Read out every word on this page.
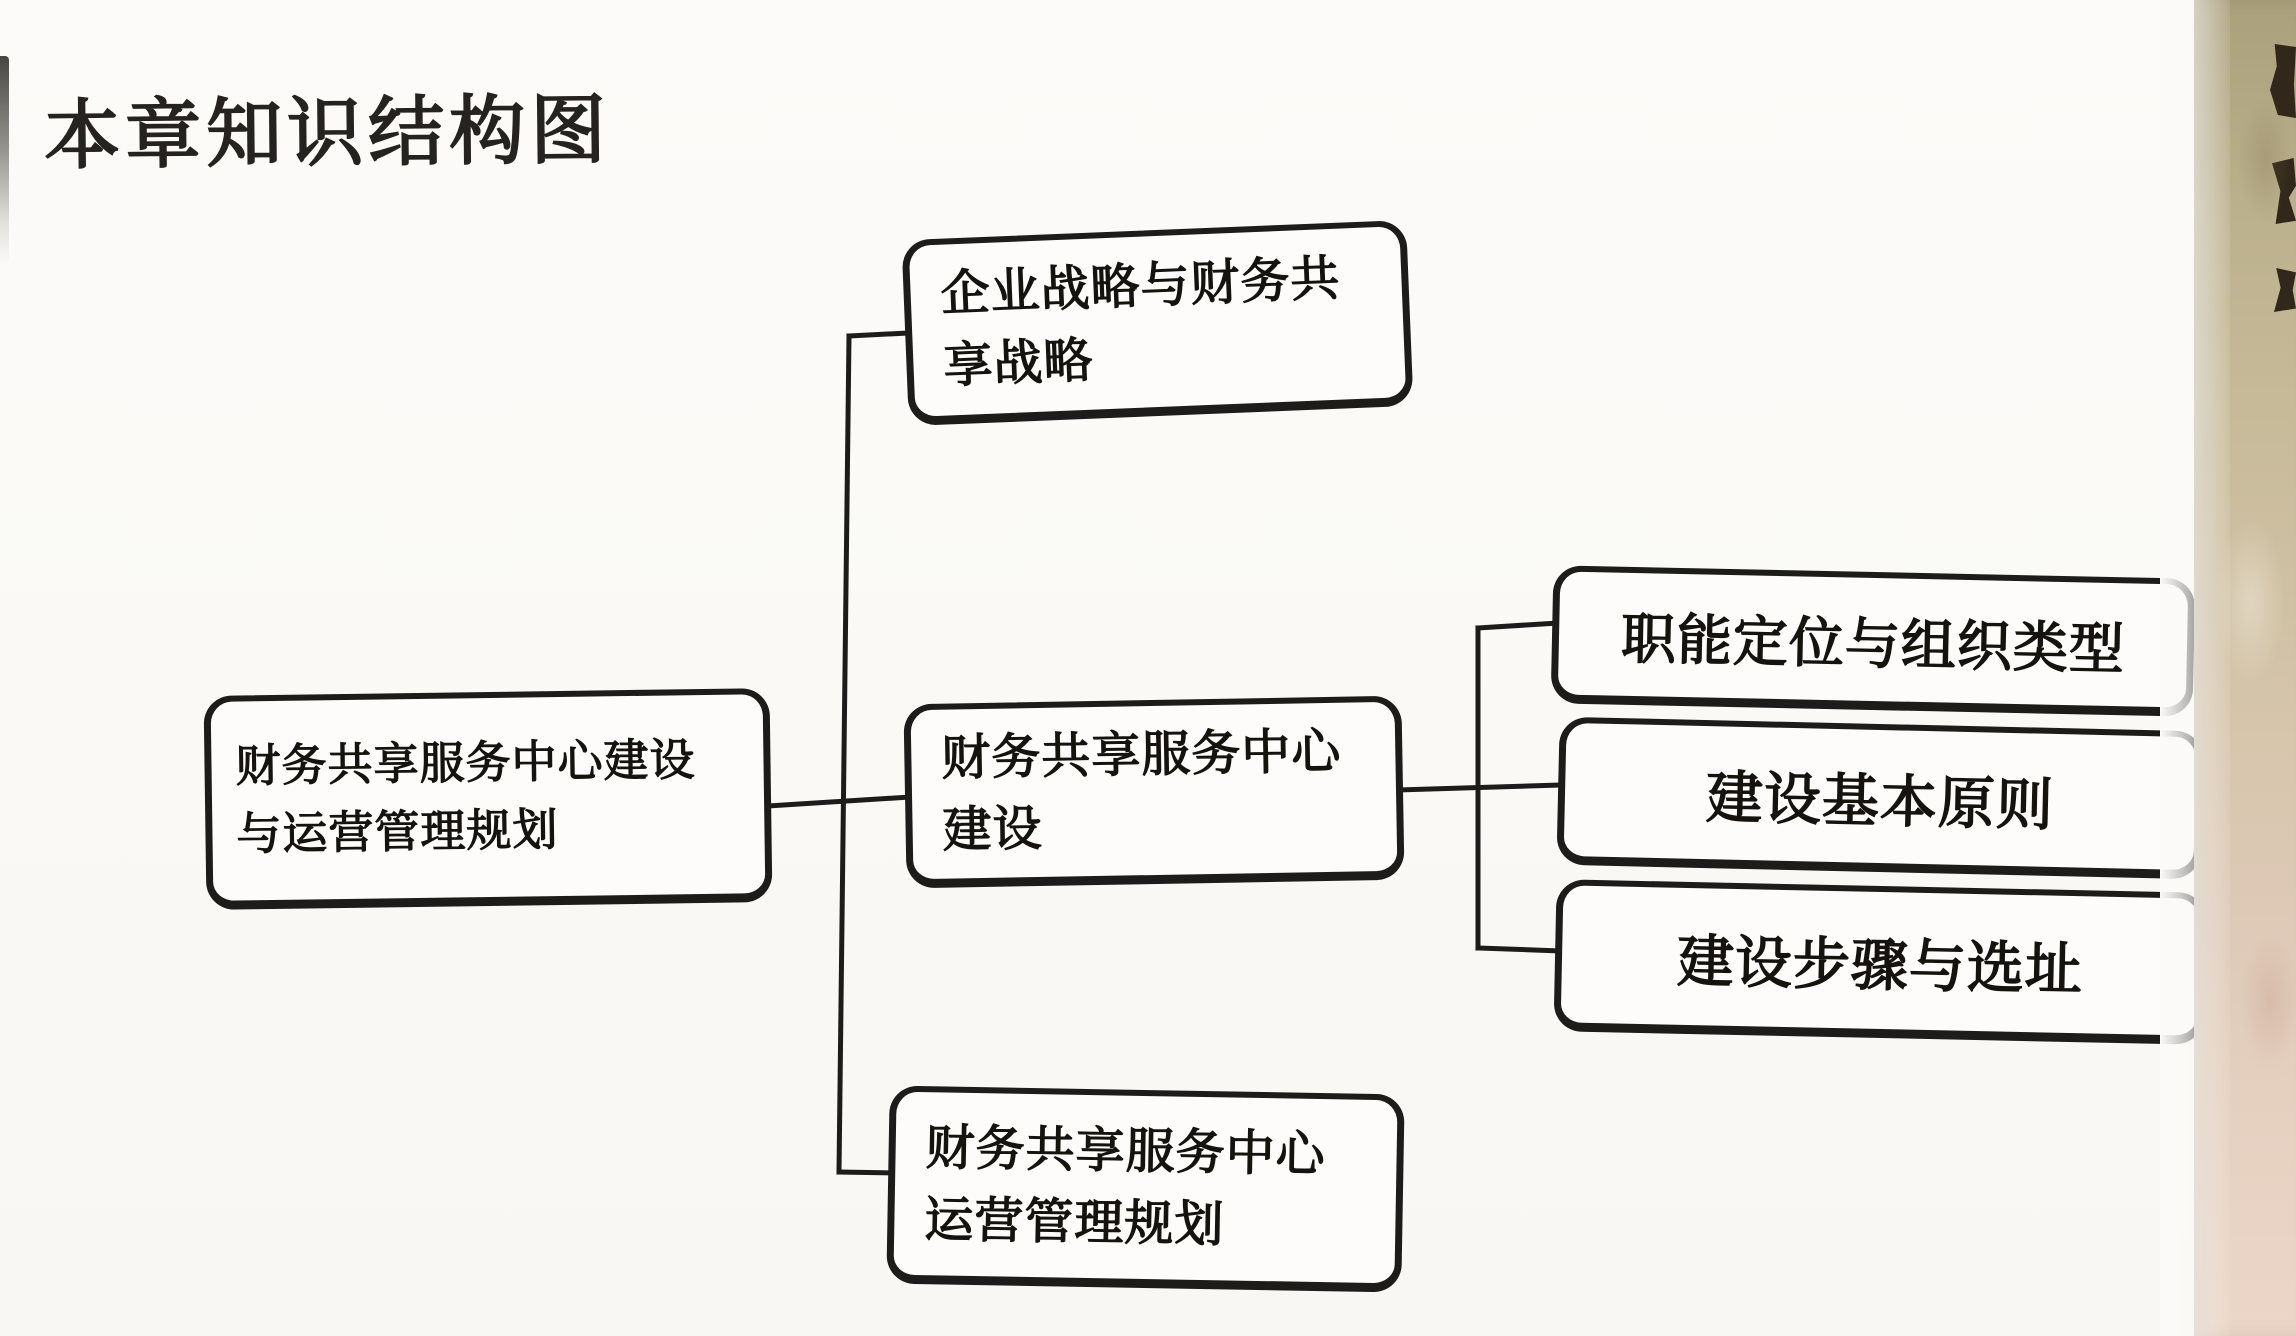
本章知识结构图
财务共享服务中心建设
与运营管理规划
企业战略与财务共
享战略
财务共享服务中心
建设
财务共享服务中心
运营管理规划
职能定位与组织类型
建设基本原则
建设步骤与选址
